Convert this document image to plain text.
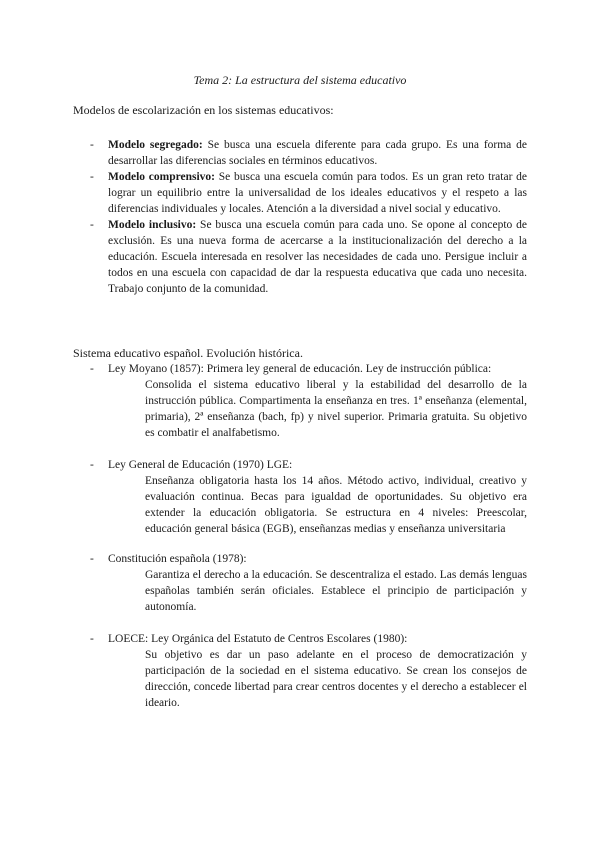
Tema 2: La estructura del sistema educativo
Modelos de escolarización en los sistemas educativos:
- Modelo segregado: Se busca una escuela diferente para cada grupo. Es una forma de desarrollar las diferencias sociales en términos educativos.
- Modelo comprensivo: Se busca una escuela común para todos. Es un gran reto tratar de lograr un equilibrio entre la universalidad de los ideales educativos y el respeto a las diferencias individuales y locales. Atención a la diversidad a nivel social y educativo.
- Modelo inclusivo: Se busca una escuela común para cada uno. Se opone al concepto de exclusión. Es una nueva forma de acercarse a la institucionalización del derecho a la educación. Escuela interesada en resolver las necesidades de cada uno. Persigue incluir a todos en una escuela con capacidad de dar la respuesta educativa que cada uno necesita. Trabajo conjunto de la comunidad.
Sistema educativo español. Evolución histórica.
- Ley Moyano (1857): Primera ley general de educación. Ley de instrucción pública:
Consolida el sistema educativo liberal y la estabilidad del desarrollo de la instrucción pública. Compartimenta la enseñanza en tres. 1ª enseñanza (elemental, primaria), 2ª enseñanza (bach, fp) y nivel superior. Primaria gratuita. Su objetivo es combatir el analfabetismo.
- Ley General de Educación (1970) LGE:
Enseñanza obligatoria hasta los 14 años. Método activo, individual, creativo y evaluación continua. Becas para igualdad de oportunidades. Su objetivo era extender la educación obligatoria. Se estructura en 4 niveles: Preescolar, educación general básica (EGB), enseñanzas medias y enseñanza universitaria
- Constitución española (1978):
Garantiza el derecho a la educación. Se descentraliza el estado. Las demás lenguas españolas también serán oficiales. Establece el principio de participación y autonomía.
- LOECE: Ley Orgánica del Estatuto de Centros Escolares (1980):
Su objetivo es dar un paso adelante en el proceso de democratización y participación de la sociedad en el sistema educativo. Se crean los consejos de dirección, concede libertad para crear centros docentes y el derecho a establecer el ideario.
